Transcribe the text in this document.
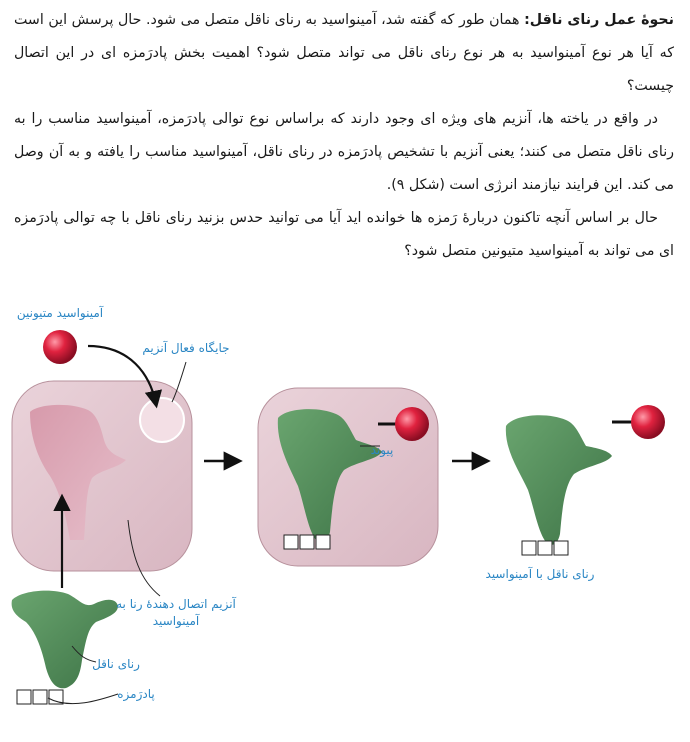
نحوهٔ عمل رنای ناقل: همان طور که گفته شد، آمینواسید به رنای ناقل متصل می شود. حال پرسش این است که آیا هر نوع آمینواسید به هر نوع رنای ناقل می تواند متصل شود؟ اهمیت بخش پادرَمزه ای در این اتصال چیست؟

در واقع در یاخته ها، آنزیم های ویژه ای وجود دارند که براساس نوع توالی پادرَمزه، آمینواسید مناسب را به رنای ناقل متصل می کنند؛ یعنی آنزیم با تشخیص پادرَمزه در رنای ناقل، آمینواسید مناسب را یافته و به آن وصل می کند. این فرایند نیازمند انرژی است (شکل ۹).

حال بر اساس آنچه تاکنون دربارهٔ رَمزه ها خوانده اید آیا می توانید حدس بزنید رنای ناقل با چه توالی پادرَمزه ای می تواند به آمینواسید متیونین متصل شود؟

آمینواسید متیونین
جایگاه فعال آنزیم
پیوند
رنای ناقل با آمینواسید
آنزیم اتصال دهندهٔ رنا به
آمینواسید
رنای ناقل
پادرَمزه
